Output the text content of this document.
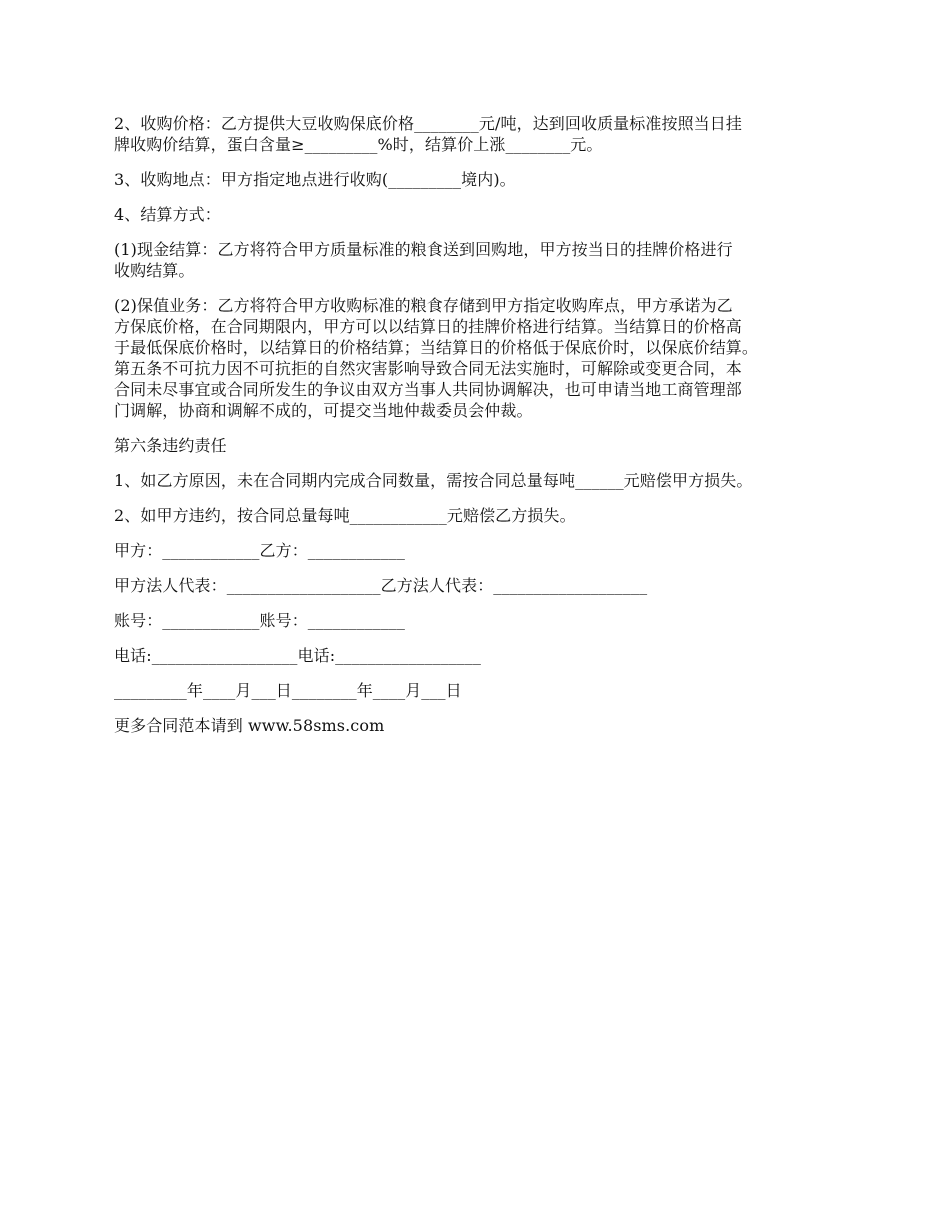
2、收购价格：乙方提供大豆收购保底价格________元/吨，达到回收质量标准按照当日挂
牌收购价结算，蛋白含量≥_________%时，结算价上涨________元。
3、收购地点：甲方指定地点进行收购(_________境内)。
4、结算方式：
(1)现金结算：乙方将符合甲方质量标准的粮食送到回购地，甲方按当日的挂牌价格进行
收购结算。
(2)保值业务：乙方将符合甲方收购标准的粮食存储到甲方指定收购库点，甲方承诺为乙
方保底价格，在合同期限内，甲方可以以结算日的挂牌价格进行结算。当结算日的价格高
于最低保底价格时，以结算日的价格结算；当结算日的价格低于保底价时，以保底价结算。
第五条不可抗力因不可抗拒的自然灾害影响导致合同无法实施时，可解除或变更合同，本
合同未尽事宜或合同所发生的争议由双方当事人共同协调解决，也可申请当地工商管理部
门调解，协商和调解不成的，可提交当地仲裁委员会仲裁。
第六条违约责任
1、如乙方原因，未在合同期内完成合同数量，需按合同总量每吨______元赔偿甲方损失。
2、如甲方违约，按合同总量每吨____________元赔偿乙方损失。
甲方：____________乙方：____________
甲方法人代表：___________________乙方法人代表：___________________
账号：____________账号：____________
电话:__________________电话:__________________
_________年____月___日________年____月___日
更多合同范本请到 www.58sms.com
